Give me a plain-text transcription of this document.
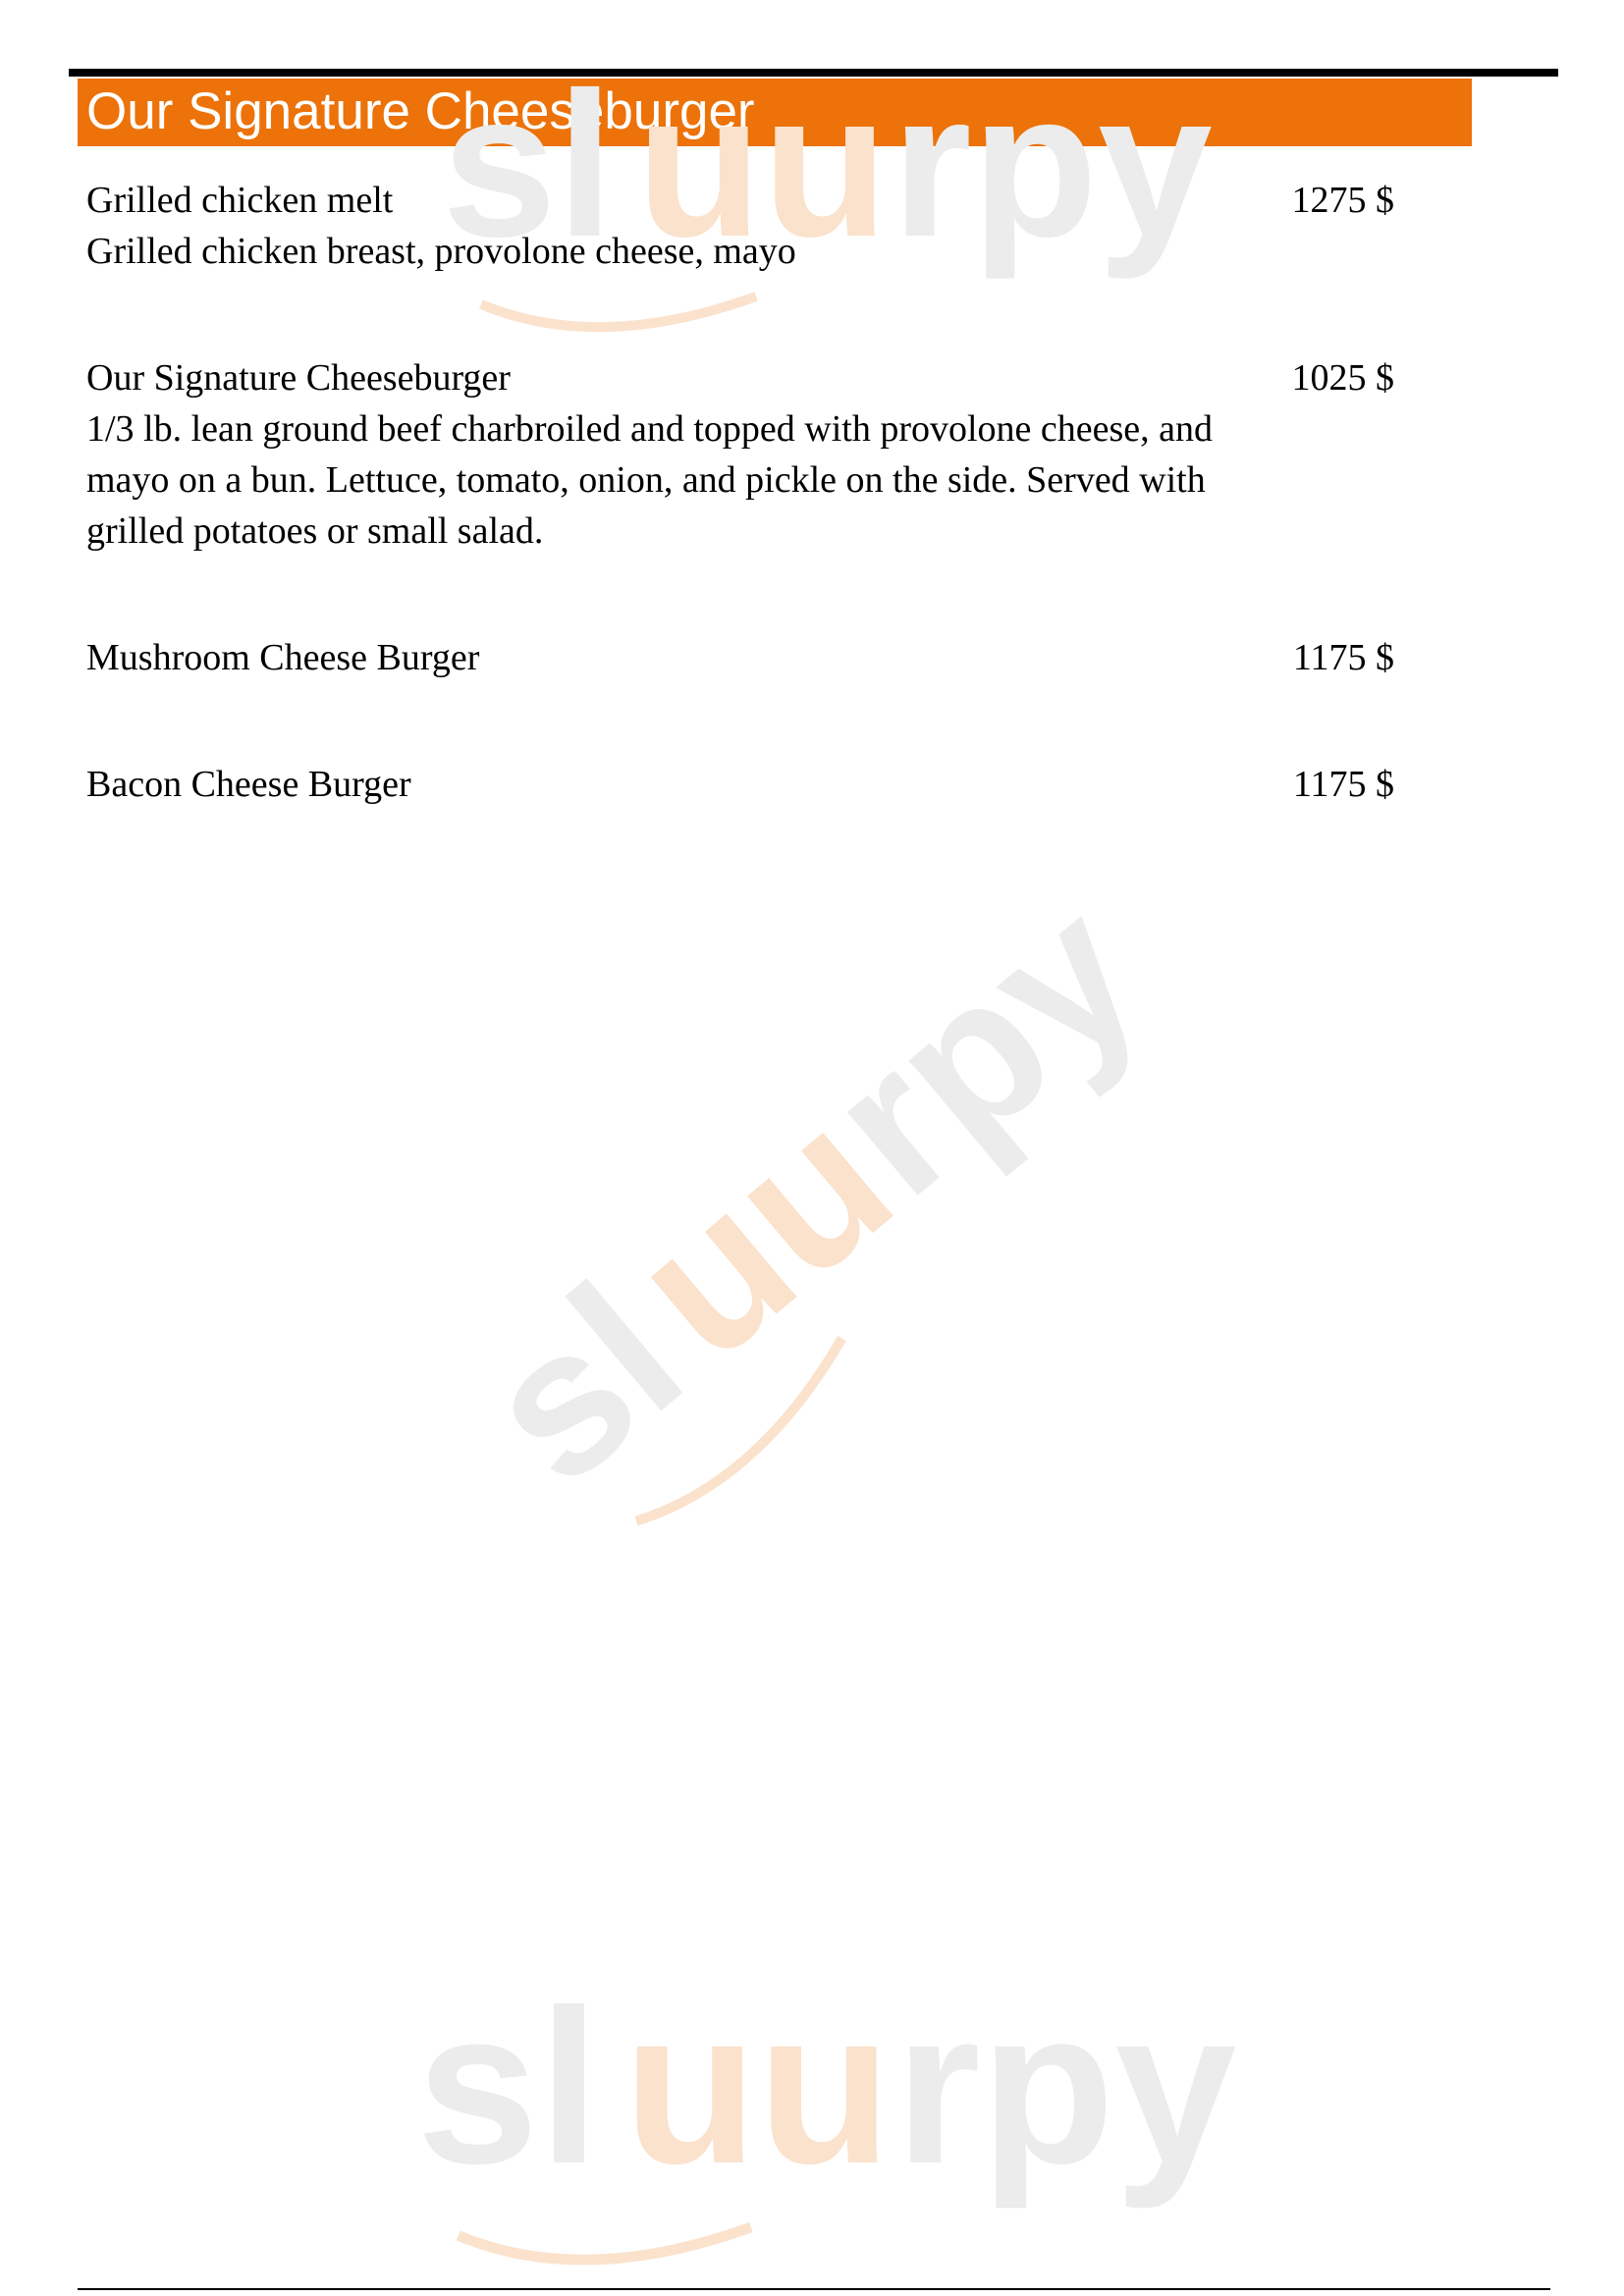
Our Signature Cheeseburger
sl uu rpy
sl
uu
rpy
sl uu rpy
Grilled chicken melt	1275 $
Grilled chicken breast, provolone cheese, mayo
Our Signature Cheeseburger	1025 $
1/3 lb. lean ground beef charbroiled and topped with provolone cheese, and mayo on a bun. Lettuce, tomato, onion, and pickle on the side. Served with grilled potatoes or small salad.
Mushroom Cheese Burger	1175 $
Bacon Cheese Burger	1175 $
